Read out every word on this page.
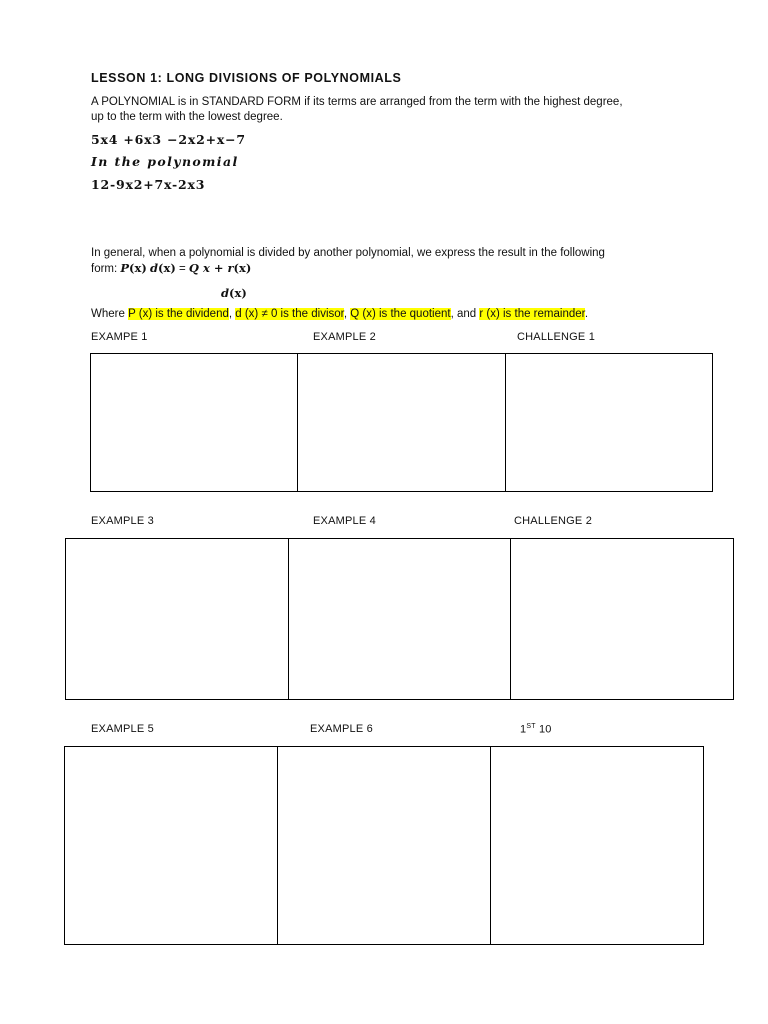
LESSON 1: LONG DIVISIONS OF POLYNOMIALS
A POLYNOMIAL is in STANDARD FORM if its terms are arranged from the term with the highest degree,
up to the term with the lowest degree.
5x4 +6x3 −2x2+x−7
In the polynomial
12-9x2+7x-2x3
In general, when a polynomial is divided by another polynomial, we express the result in the following
form: P(x) d(x) = Q x + r(x)
d(x)
Where P (x) is the dividend, d (x) ≠ 0 is the divisor, Q (x) is the quotient, and r (x) is the remainder.
EXAMPE 1	EXAMPLE 2	CHALLENGE 1
EXAMPLE 3	EXAMPLE 4	CHALLENGE 2
EXAMPLE 5	EXAMPLE 6	1ST 10
